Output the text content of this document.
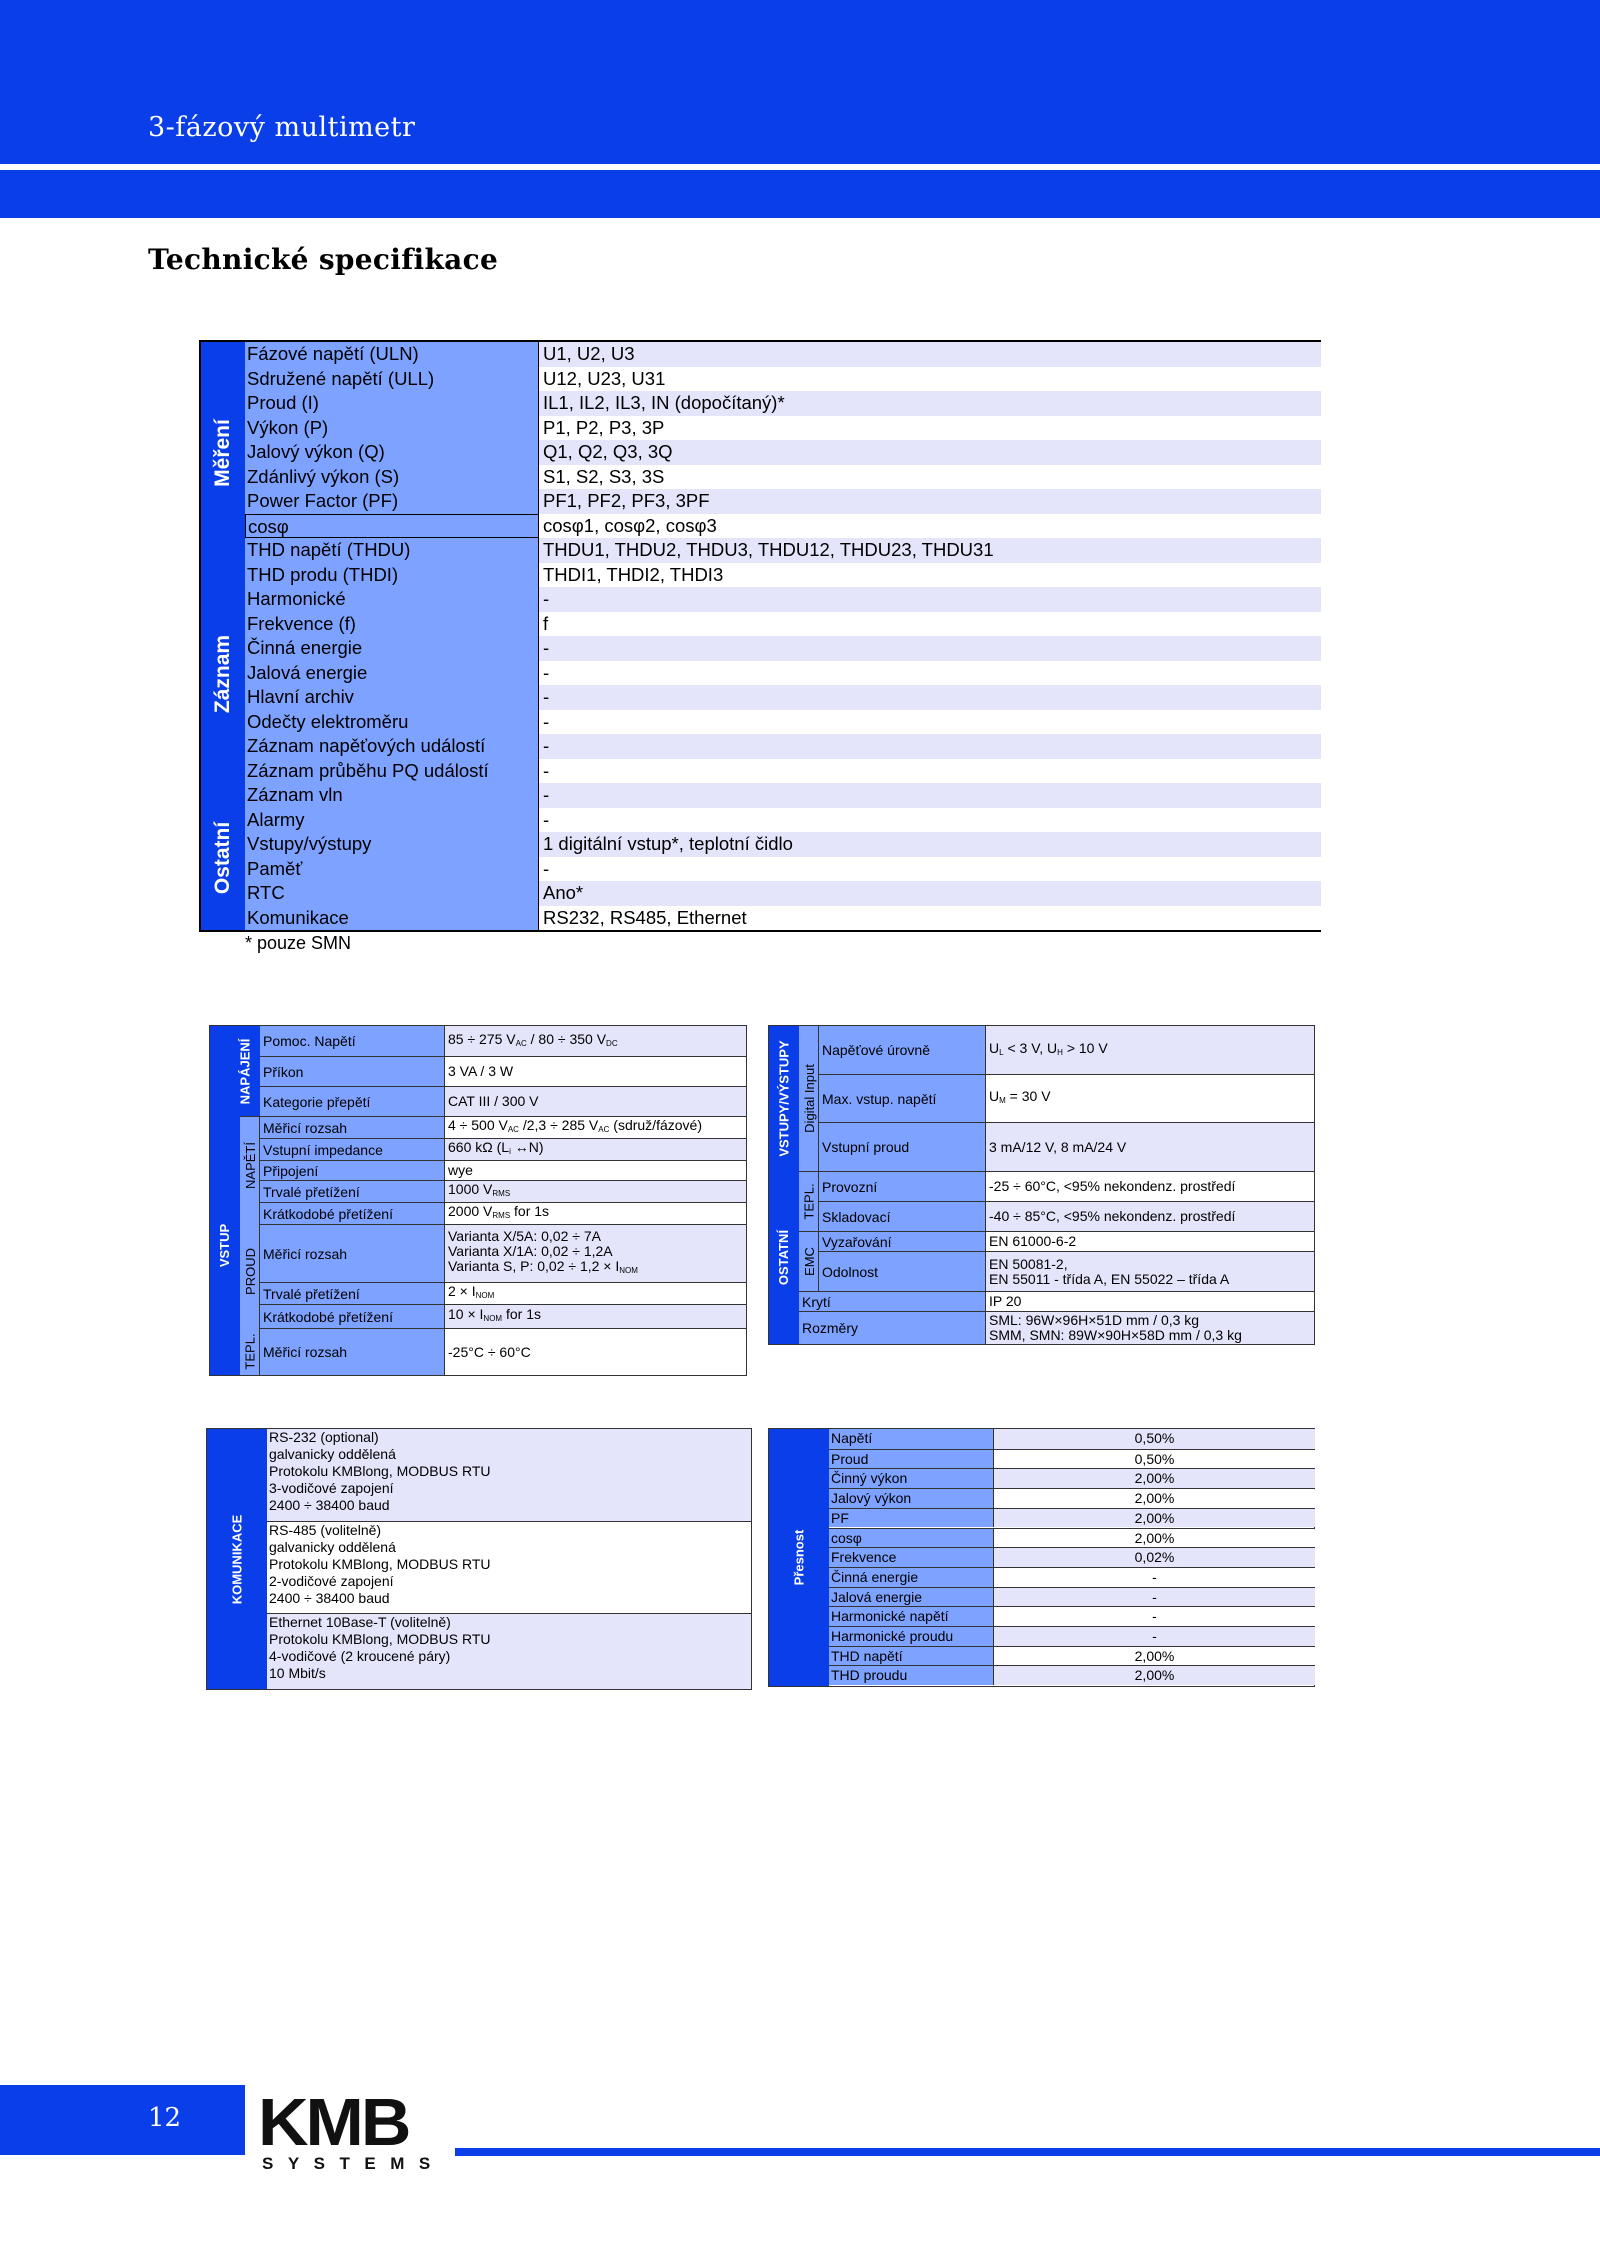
3-fázový multimetr
Technické specifikace
Měření
Záznam
Ostatní
Fázové napětí (ULN)	U1, U2, U3
Sdružené napětí (ULL)	U12, U23, U31
Proud (I)	IL1, IL2, IL3, IN (dopočítaný)*
Výkon (P)	P1, P2, P3, 3P
Jalový výkon (Q)	Q1, Q2, Q3, 3Q
Zdánlivý výkon (S)	S1, S2, S3, 3S
Power Factor (PF)	PF1, PF2, PF3, 3PF
cosφ	cosφ1, cosφ2, cosφ3
THD napětí (THDU)	THDU1, THDU2, THDU3, THDU12, THDU23, THDU31
THD produ (THDI)	THDI1, THDI2, THDI3
Harmonické	-
Frekvence (f)	f
Činná energie	-
Jalová energie	-
Hlavní archiv	-
Odečty elektroměru	-
Záznam napěťových událostí	-
Záznam průběhu PQ událostí	-
Záznam vln	-
Alarmy	-
Vstupy/výstupy	1 digitální vstup*, teplotní čidlo
Paměť	-
RTC	Ano*
Komunikace	RS232, RS485, Ethernet
* pouze SMN
NAPÁJENÍ
VSTUP
NAPĚTÍ
PROUD
TEPL.
Pomoc. Napětí	85 ÷ 275 VAC / 80 ÷ 350 VDC
Příkon	3 VA / 3 W
Kategorie přepětí	CAT III / 300 V
Měřicí rozsah	4 ÷ 500 VAC /2,3 ÷ 285 VAC (sdruž/fázové)
Vstupní impedance	660 kΩ (Li ↔N)
Připojení	wye
Trvalé přetížení	1000 VRMS
Krátkodobé přetížení	2000 VRMS for 1s
Měřicí rozsah
Varianta X/5A: 0,02 ÷ 7A
Varianta X/1A: 0,02 ÷ 1,2A
Varianta S, P: 0,02 ÷ 1,2 × INOM
Trvalé přetížení	2 × INOM
Krátkodobé přetížení	10 × INOM for 1s
Měřicí rozsah	-25°C ÷ 60°C
VSTUPY/VÝSTUPY
OSTATNÍ
Digital Input
TEPL.
EMC
Napěťové úrovně	UL < 3 V, UH > 10 V
Max. vstup. napětí	UM = 30 V
Vstupní proud	3 mA/12 V, 8 mA/24 V
Provozní	-25 ÷ 60°C, <95% nekondenz. prostředí
Skladovací	-40 ÷ 85°C, <95% nekondenz. prostředí
Vyzařování	EN 61000-6-2
Odolnost	EN 50081-2,
EN 55011 - třída A, EN 55022 – třída A
Krytí	IP 20
Rozměry	SML: 96W×96H×51D mm / 0,3 kg
SMM, SMN: 89W×90H×58D mm / 0,3 kg
KOMUNIKACE
RS-232 (optional)
galvanicky oddělená
Protokolu KMBlong, MODBUS RTU
3-vodičové zapojení
2400 ÷ 38400 baud
RS-485 (volitelně)
galvanicky oddělená
Protokolu KMBlong, MODBUS RTU
2-vodičové zapojení
2400 ÷ 38400 baud
Ethernet 10Base-T (volitelně)
Protokolu KMBlong, MODBUS RTU
4-vodičové (2 kroucené páry)
10 Mbit/s
Přesnost
Napětí	0,50%
Proud	0,50%
Činný výkon	2,00%
Jalový výkon	2,00%
PF	2,00%
cosφ	2,00%
Frekvence	0,02%
Činná energie	-
Jalová energie	-
Harmonické napětí	-
Harmonické proudu	-
THD napětí	2,00%
THD proudu	2,00%
12 KMB
SYSTEMS
